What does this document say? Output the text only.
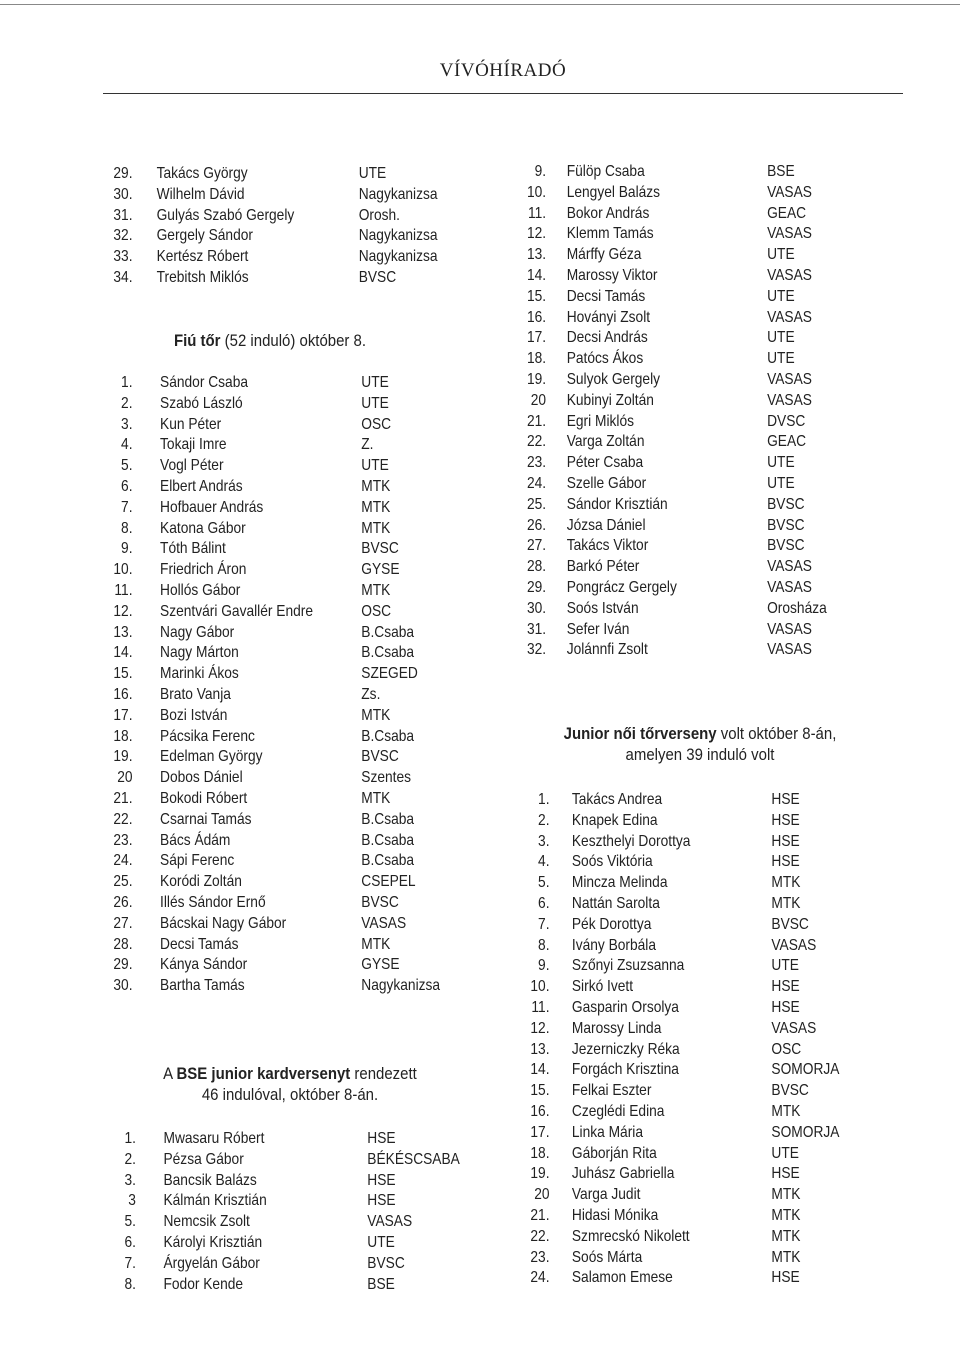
VÍVÓHÍRADÓ
29. Takács György	UTE
30. Wilhelm Dávid	Nagykanizsa
31. Gulyás Szabó Gergely	Orosh.
32. Gergely Sándor	Nagykanizsa
33. Kertész Róbert	Nagykanizsa
34. Trebitsh Miklós	BVSC
Fiú tőr (52 induló) október 8.
1. Sándor Csaba	UTE
2. Szabó László	UTE
3. Kun Péter	OSC
4. Tokaji Imre	Z.
5. Vogl Péter	UTE
6. Elbert András	MTK
7. Hofbauer András	MTK
8. Katona Gábor	MTK
9. Tóth Bálint	BVSC
10. Friedrich Áron	GYSE
11. Hollós Gábor	MTK
12. Szentvári Gavallér Endre	OSC
13. Nagy Gábor	B.Csaba
14. Nagy Márton	B.Csaba
15. Marinki Ákos	SZEGED
16. Brato Vanja	Zs.
17. Bozi István	MTK
18. Pácsika Ferenc	B.Csaba
19. Edelman György	BVSC
20 Dobos Dániel	Szentes
21. Bokodi Róbert	MTK
22. Csarnai Tamás	B.Csaba
23. Bács Ádám	B.Csaba
24. Sápi Ferenc	B.Csaba
25. Koródi Zoltán	CSEPEL
26. Illés Sándor Ernő	BVSC
27. Bácskai Nagy Gábor	VASAS
28. Decsi Tamás	MTK
29. Kánya Sándor	GYSE
30. Bartha Tamás	Nagykanizsa
A BSE junior kardversenyt rendezett
46 indulóval, október 8-án.
1. Mwasaru Róbert	HSE
2. Pézsa Gábor	BÉKÉSCSABA
3. Bancsik Balázs	HSE
3 Kálmán Krisztián	HSE
5. Nemcsik Zsolt	VASAS
6. Károlyi Krisztián	UTE
7. Árgyelán Gábor	BVSC
8. Fodor Kende	BSE
9. Fülöp Csaba	BSE
10. Lengyel Balázs	VASAS
11. Bokor András	GEAC
12. Klemm Tamás	VASAS
13. Márffy Géza	UTE
14. Marossy Viktor	VASAS
15. Decsi Tamás	UTE
16. Hoványi Zsolt	VASAS
17. Decsi András	UTE
18. Patócs Ákos	UTE
19. Sulyok Gergely	VASAS
20 Kubinyi Zoltán	VASAS
21. Egri Miklós	DVSC
22. Varga Zoltán	GEAC
23. Péter Csaba	UTE
24. Szelle Gábor	UTE
25. Sándor Krisztián	BVSC
26. Józsa Dániel	BVSC
27. Takács Viktor	BVSC
28. Barkó Péter	VASAS
29. Pongrácz Gergely	VASAS
30. Soós István	Orosháza
31. Sefer Iván	VASAS
32. Jolánnfi Zsolt	VASAS
Junior női tőrverseny volt október 8-án,
amelyen 39 induló volt
1. Takács Andrea	HSE
2. Knapek Edina	HSE
3. Keszthelyi Dorottya	HSE
4. Soós Viktória	HSE
5. Mincza Melinda	MTK
6. Nattán Sarolta	MTK
7. Pék Dorottya	BVSC
8. Ivány Borbála	VASAS
9. Szőnyi Zsuzsanna	UTE
10. Sirkó Ivett	HSE
11. Gasparin Orsolya	HSE
12. Marossy Linda	VASAS
13. Jezerniczky Réka	OSC
14. Forgách Krisztina	SOMORJA
15. Felkai Eszter	BVSC
16. Czeglédi Edina	MTK
17. Linka Mária	SOMORJA
18. Gáborján Rita	UTE
19. Juhász Gabriella	HSE
20 Varga Judit	MTK
21. Hidasi Mónika	MTK
22. Szmrecskó Nikolett	MTK
23. Soós Márta	MTK
24. Salamon Emese	HSE
